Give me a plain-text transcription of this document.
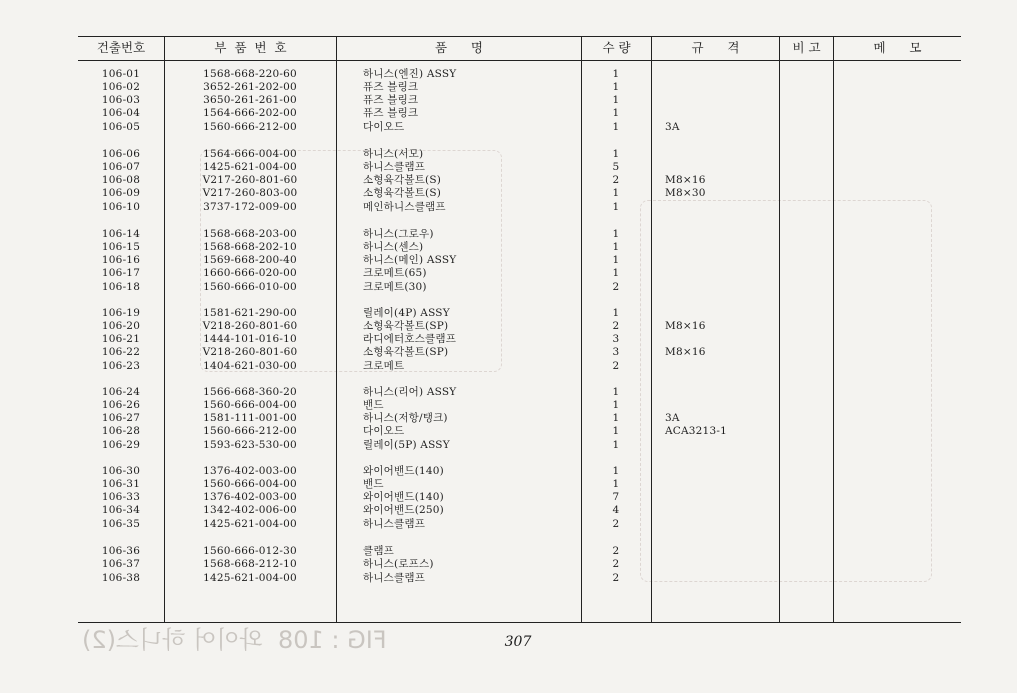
FIG : 108  와이어 하니스(2)
건출번호	부  품  번  호	품      명	수 량	규      격	비 고	메      모
106-01	1568-668-220-60	하니스(엔진) ASSY	1
106-02	3652-261-202-00	퓨즈 블링크	1
106-03	3650-261-261-00	퓨즈 블링크	1
106-04	1564-666-202-00	퓨즈 블링크	1
106-05	1560-666-212-00	다이오드	1	3A
106-06	1564-666-004-00	하니스(서모)	1
106-07	1425-621-004-00	하니스클램프	5
106-08	V217-260-801-60	소형육각볼트(S)	2	M8×16
106-09	V217-260-803-00	소형육각볼트(S)	1	M8×30
106-10	3737-172-009-00	메인하니스클램프	1
106-14	1568-668-203-00	하니스(그로우)	1
106-15	1568-668-202-10	하니스(센스)	1
106-16	1569-668-200-40	하니스(메인) ASSY	1
106-17	1660-666-020-00	크로메트(65)	1
106-18	1560-666-010-00	크로메트(30)	2
106-19	1581-621-290-00	릴레이(4P) ASSY	1
106-20	V218-260-801-60	소형육각볼트(SP)	2	M8×16
106-21	1444-101-016-10	라디에터호스클램프	3
106-22	V218-260-801-60	소형육각볼트(SP)	3	M8×16
106-23	1404-621-030-00	크로메트	2
106-24	1566-668-360-20	하니스(리어) ASSY	1
106-26	1560-666-004-00	밴드	1
106-27	1581-111-001-00	하니스(저항/탱크)	1	3A
106-28	1560-666-212-00	다이오드	1	ACA3213-1
106-29	1593-623-530-00	릴레이(5P) ASSY	1
106-30	1376-402-003-00	와이어밴드(140)	1
106-31	1560-666-004-00	밴드	1
106-33	1376-402-003-00	와이어밴드(140)	7
106-34	1342-402-006-00	와이어밴드(250)	4
106-35	1425-621-004-00	하니스클램프	2
106-36	1560-666-012-30	클램프	2
106-37	1568-668-212-10	하니스(로프스)	2
106-38	1425-621-004-00	하니스클램프	2
307
